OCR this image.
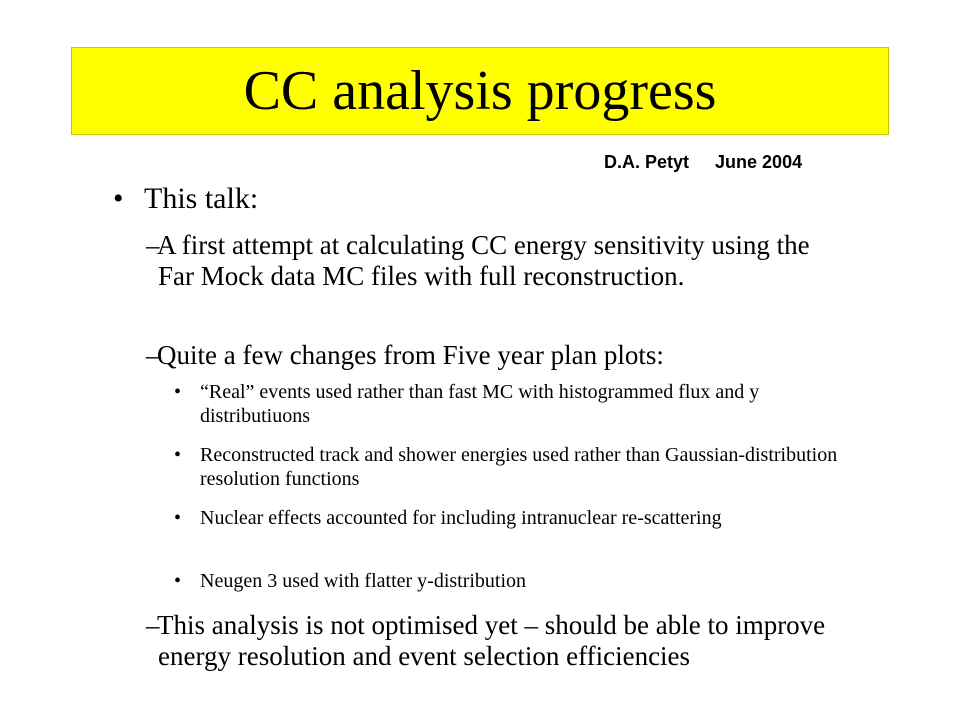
CC analysis progress
D.A. Petyt June 2004
• This talk:
–
A first attempt at calculating CC energy sensitivity using the Far Mock data MC files with full reconstruction.
–
Quite a few changes from Five year plan plots:
• “Real” events used rather than fast MC with histogrammed flux and y distributiuons
• Reconstructed track and shower energies used rather than Gaussian-distribution resolution functions
• Nuclear effects accounted for including intranuclear re-scattering
• Neugen 3 used with flatter y-distribution
–
This analysis is not optimised yet – should be able to improve energy resolution and event selection efficiencies
